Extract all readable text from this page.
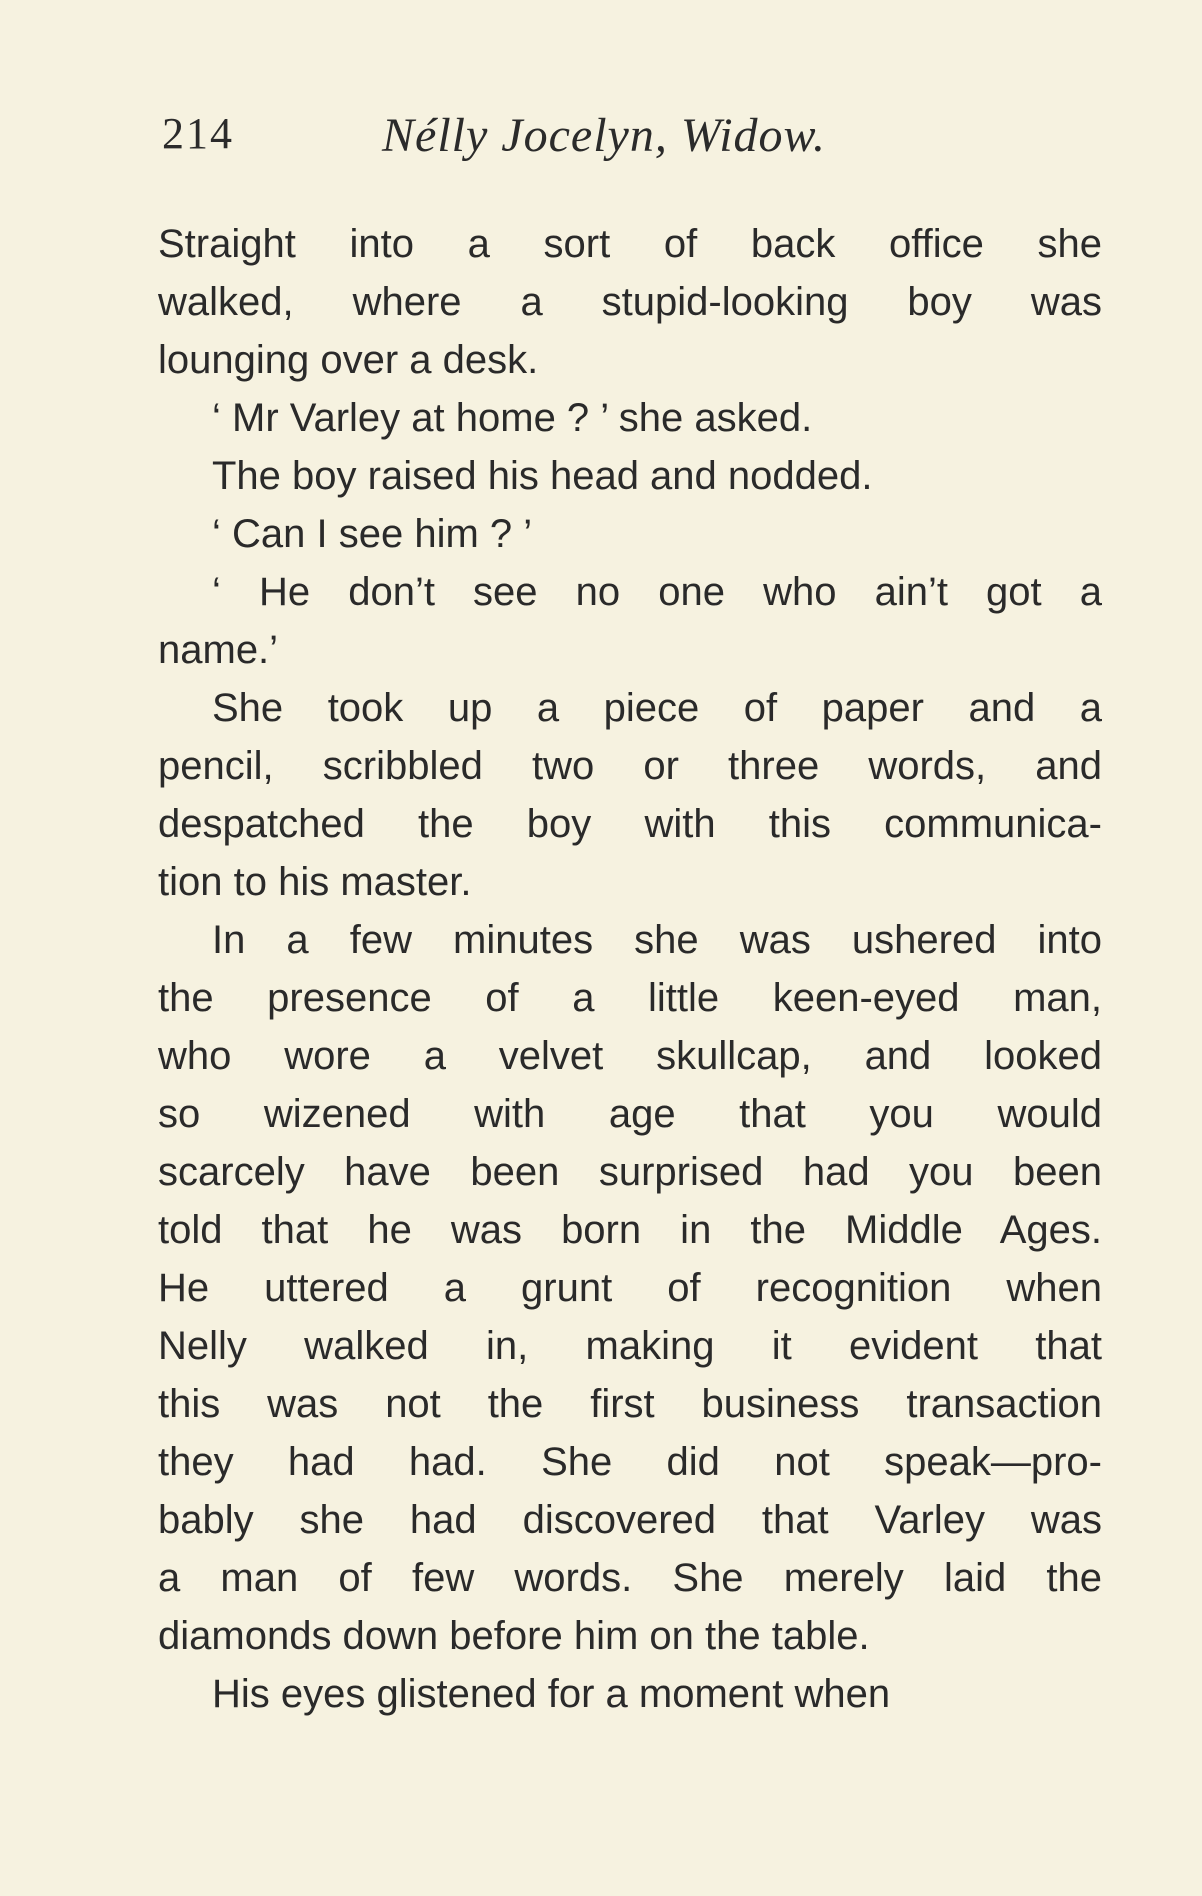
214	Nélly Jocelyn, Widow.
Straight into a sort of back office she
walked, where a stupid-looking boy was
lounging over a desk.
‘ Mr Varley at home ? ’ she asked.
The boy raised his head and nodded.
‘ Can I see him ? ’
‘ He don’t see no one who ain’t got a
name.’
She took up a piece of paper and a
pencil, scribbled two or three words, and
despatched the boy with this communica-
tion to his master.
In a few minutes she was ushered into
the presence of a little keen-eyed man,
who wore a velvet skullcap, and looked
so wizened with age that you would
scarcely have been surprised had you been
told that he was born in the Middle Ages.
He uttered a grunt of recognition when
Nelly walked in, making it evident that
this was not the first business transaction
they had had. She did not speak—pro-
bably she had discovered that Varley was
a man of few words. She merely laid the
diamonds down before him on the table.
His eyes glistened for a moment when
